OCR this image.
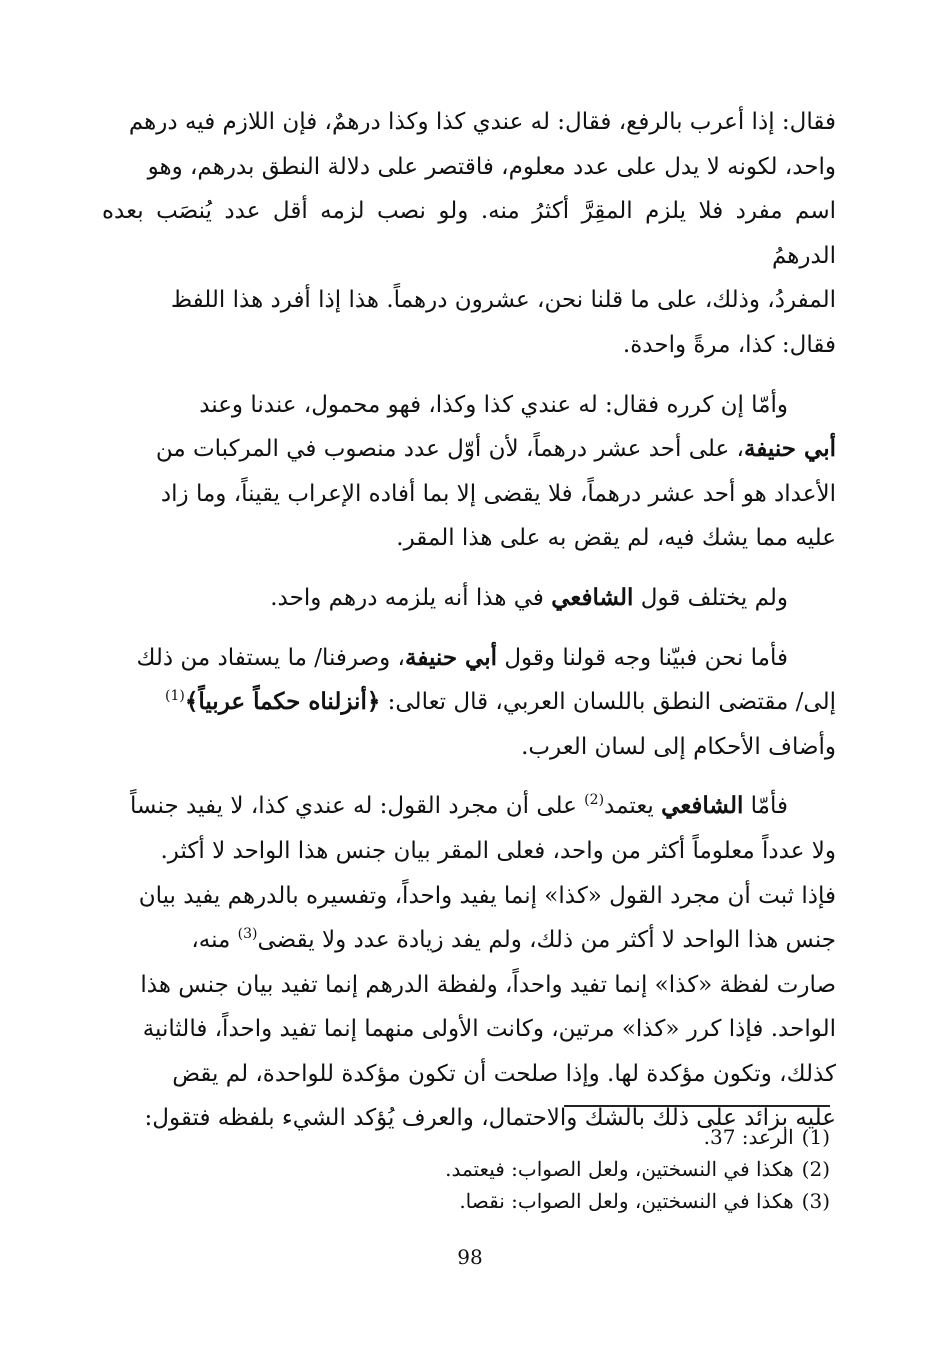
فقال: إذا أعرب بالرفع، فقال: له عندي كذا وكذا درهمٌ، فإن اللازم فيه درهم
واحد، لكونه لا يدل على عدد معلوم، فاقتصر على دلالة النطق بدرهم، وهو
اسم مفرد فلا يلزم المقِرَّ أكثرُ منه. ولو نصب لزمه أقل عدد يُنصَب بعده الدرهمُ
المفردُ، وذلك، على ما قلنا نحن، عشرون درهماً. هذا إذا أفرد هذا اللفظ
فقال: كذا، مرةً واحدة.

وأمّا إن كرره فقال: له عندي كذا وكذا، فهو محمول، عندنا وعند
أبي حنيفة، على أحد عشر درهماً، لأن أوّل عدد منصوب في المركبات من
الأعداد هو أحد عشر درهماً، فلا يقضى إلا بما أفاده الإعراب يقيناً، وما زاد
عليه مما يشك فيه، لم يقض به على هذا المقر.

ولم يختلف قول الشافعي في هذا أنه يلزمه درهم واحد.

فأما نحن فبيّنا وجه قولنا وقول أبي حنيفة، وصرفنا/ ما يستفاد من ذلك
إلى/ مقتضى النطق باللسان العربي، قال تعالى: ﴿أنزلناه حكماً عربياً﴾$^{(1)}$
وأضاف الأحكام إلى لسان العرب.

فأمّا الشافعي يعتمد$^{(2)}$ على أن مجرد القول: له عندي كذا، لا يفيد جنساً
ولا عدداً معلوماً أكثر من واحد، فعلى المقر بيان جنس هذا الواحد لا أكثر.
فإذا ثبت أن مجرد القول «كذا» إنما يفيد واحداً، وتفسيره بالدرهم يفيد بيان
جنس هذا الواحد لا أكثر من ذلك، ولم يفد زيادة عدد ولا يقضى$^{(3)}$ منه،
صارت لفظة «كذا» إنما تفيد واحداً، ولفظة الدرهم إنما تفيد بيان جنس هذا
الواحد. فإذا كرر «كذا» مرتين، وكانت الأولى منهما إنما تفيد واحداً، فالثانية
كذلك، وتكون مؤكدة لها. وإذا صلحت أن تكون مؤكدة للواحدة، لم يقض
عليه بزائد على ذلك بالشك والاحتمال، والعرف يُؤكد الشيء بلفظه فتقول:

(1)الرعد: 37.
(2)هكذا في النسختين، ولعل الصواب: فيعتمد.
(3)هكذا في النسختين، ولعل الصواب: نقصا.
98
